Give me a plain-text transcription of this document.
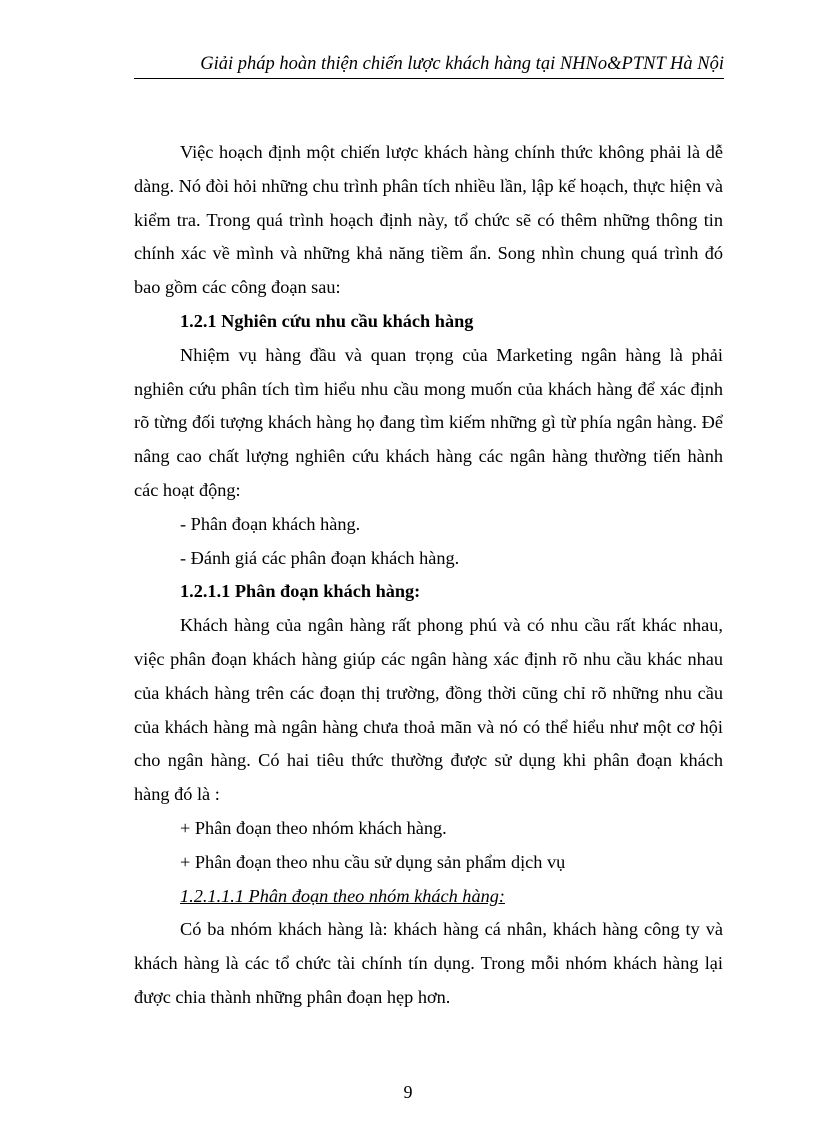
Giải pháp hoàn thiện chiến lược khách hàng tại NHNo&PTNT Hà Nội

Việc hoạch định một chiến lược khách hàng chính thức không phải là dễ dàng. Nó đòi hỏi những chu trình phân tích nhiều lần, lập kế hoạch, thực hiện và kiểm tra. Trong quá trình hoạch định này, tổ chức sẽ có thêm những thông tin chính xác về mình và những khả năng tiềm ẩn. Song nhìn chung quá trình đó bao gồm các công đoạn sau:

1.2.1 Nghiên cứu nhu cầu khách hàng

Nhiệm vụ hàng đầu và quan trọng của Marketing ngân hàng là phải nghiên cứu phân tích tìm hiểu nhu cầu mong muốn của khách hàng để xác định rõ từng đối tượng khách hàng họ đang tìm kiếm những gì từ phía ngân hàng. Để nâng cao chất lượng nghiên cứu khách hàng các ngân hàng thường tiến hành các hoạt động:

- Phân đoạn khách hàng.

- Đánh giá các phân đoạn khách hàng.

1.2.1.1 Phân đoạn khách hàng:

Khách hàng của ngân hàng rất phong phú và có nhu cầu rất khác nhau, việc phân đoạn khách hàng giúp các ngân hàng xác định rõ nhu cầu khác nhau của khách hàng trên các đoạn thị trường, đồng thời cũng chỉ rõ những nhu cầu của khách hàng mà ngân hàng chưa thoả mãn và nó có thể hiểu như một cơ hội cho ngân hàng. Có hai tiêu thức thường được sử dụng khi phân đoạn khách hàng đó là :

+ Phân đoạn theo nhóm khách hàng.

+ Phân đoạn theo nhu cầu sử dụng sản phẩm dịch vụ

1.2.1.1.1 Phân đoạn theo nhóm khách hàng:

Có ba nhóm khách hàng là: khách hàng cá nhân, khách hàng công ty và khách hàng là các tổ chức tài chính tín dụng. Trong mỗi nhóm khách hàng lại được chia thành những phân đoạn hẹp hơn.

9
